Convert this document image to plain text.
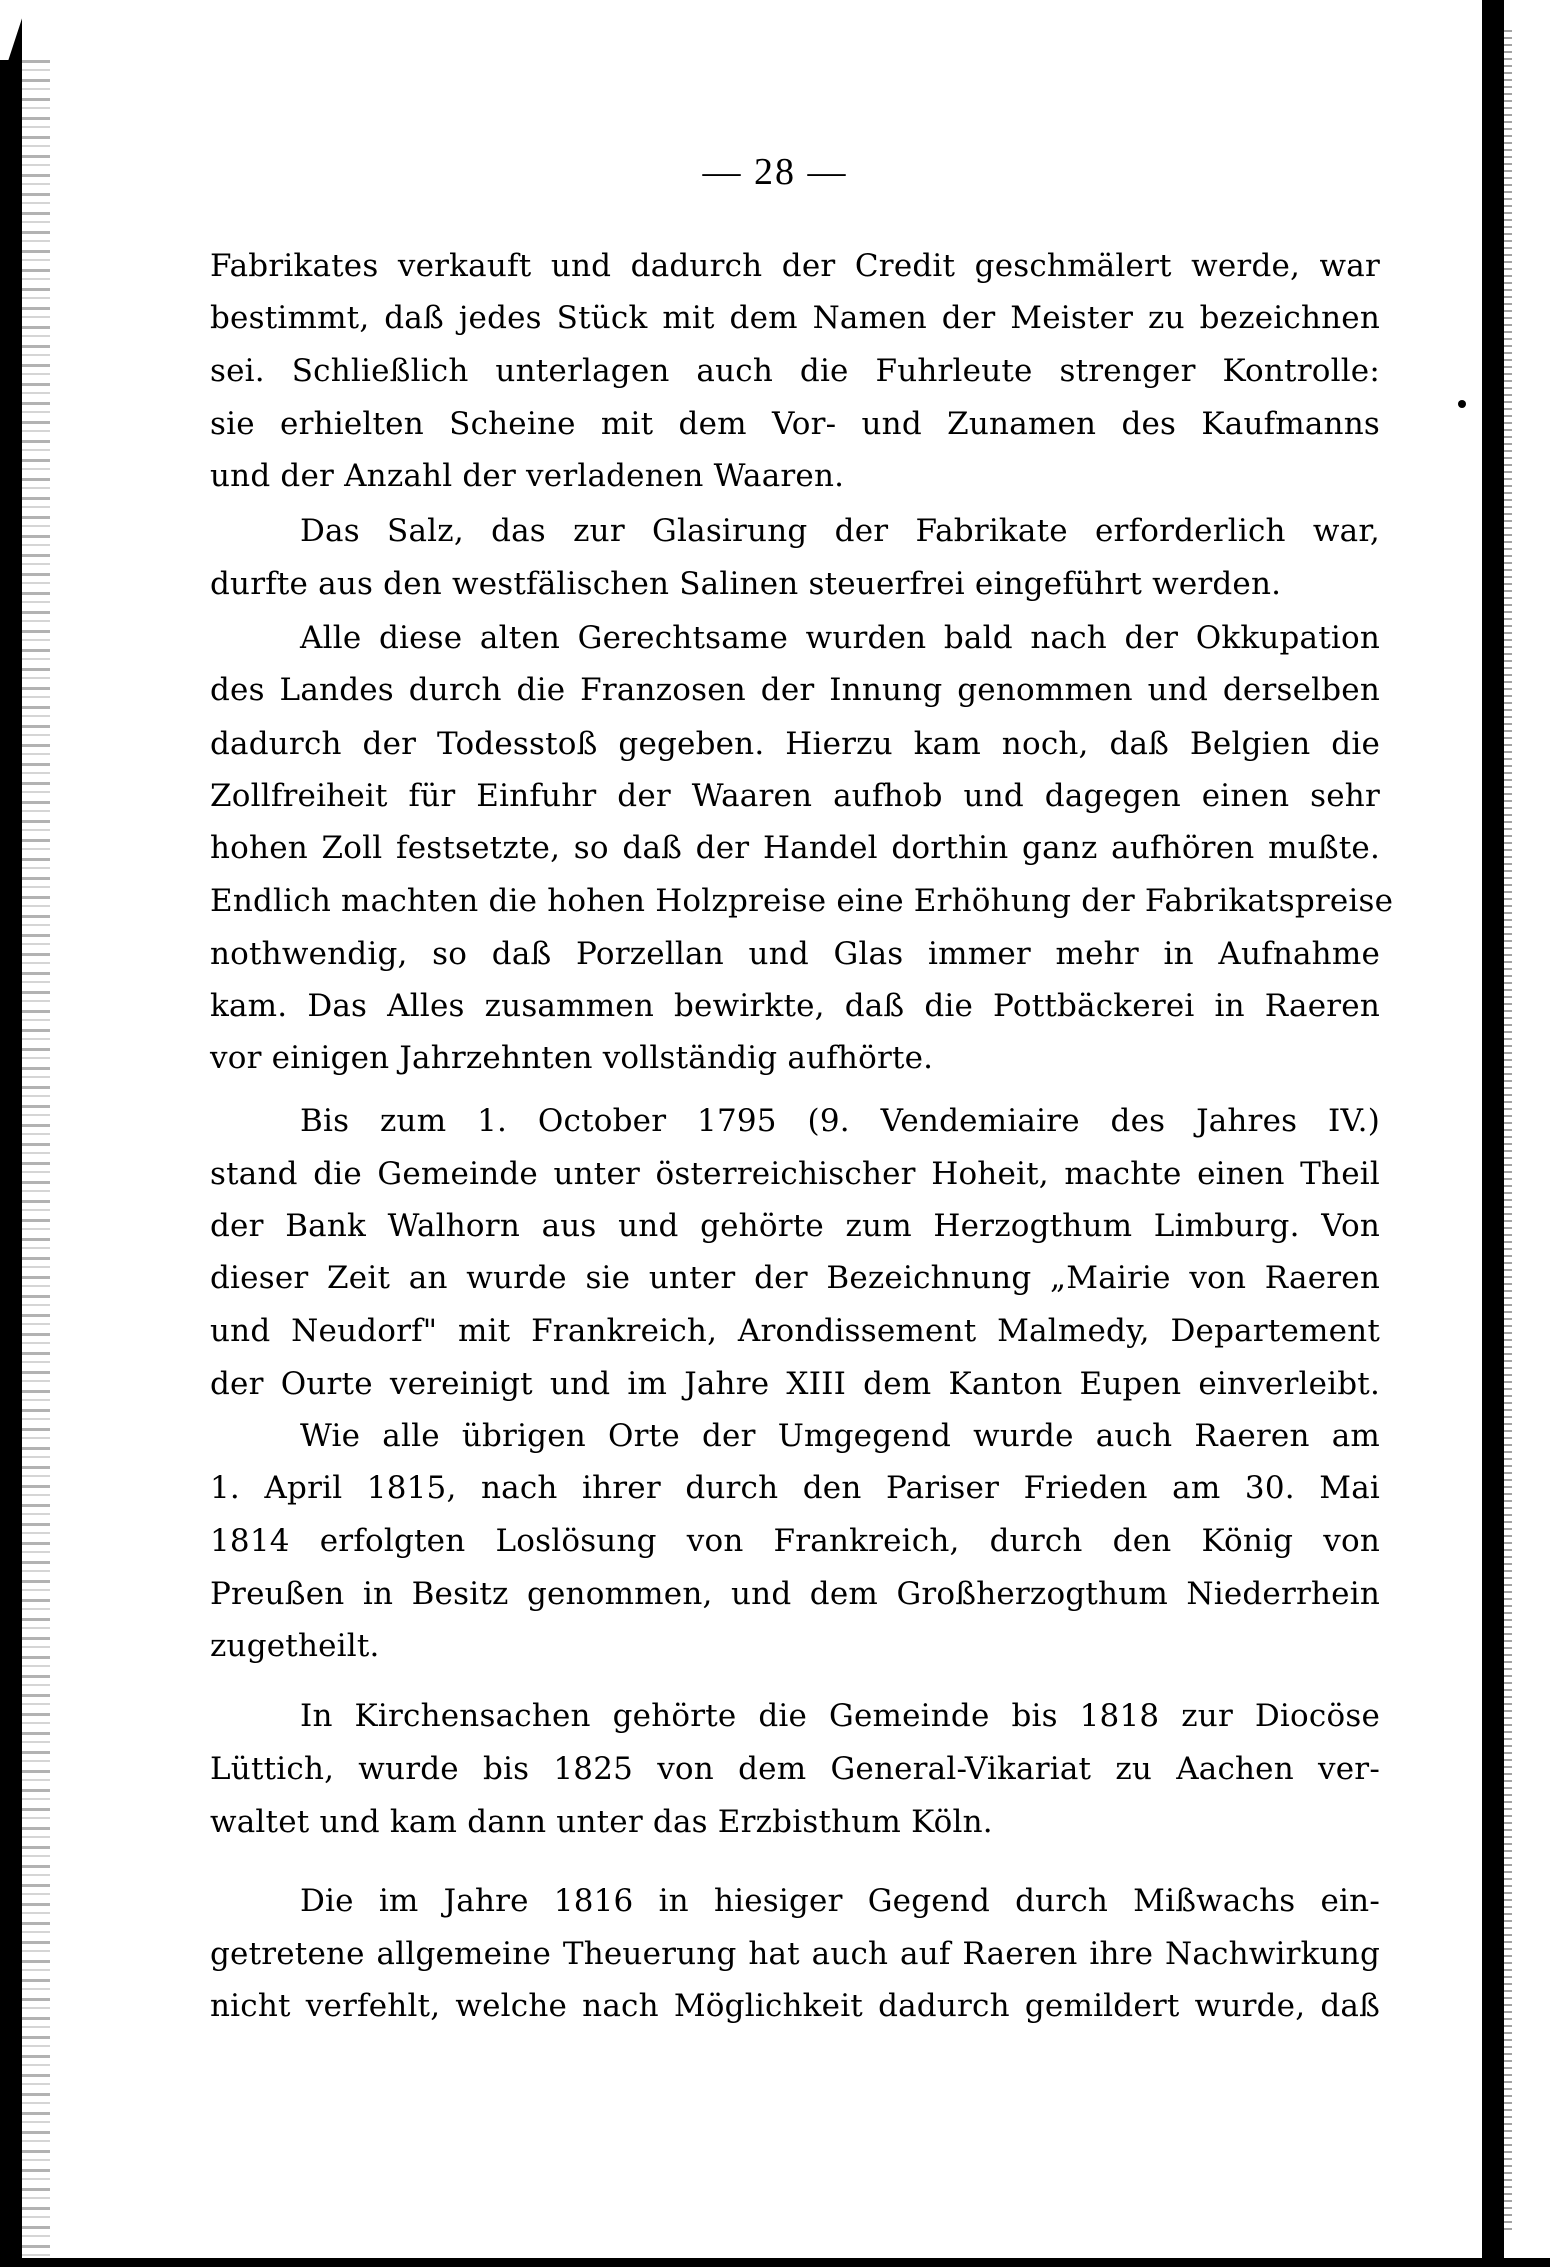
— 28 —
Fabrikates verkauft und dadurch der Credit geschmälert werde, war
bestimmt, daß jedes Stück mit dem Namen der Meister zu bezeichnen
sei. Schließlich unterlagen auch die Fuhrleute strenger Kontrolle:
sie erhielten Scheine mit dem Vor- und Zunamen des Kaufmanns
und der Anzahl der verladenen Waaren.
Das Salz, das zur Glasirung der Fabrikate erforderlich war,
durfte aus den westfälischen Salinen steuerfrei eingeführt werden.
Alle diese alten Gerechtsame wurden bald nach der Okkupation
des Landes durch die Franzosen der Innung genommen und derselben
dadurch der Todesstoß gegeben. Hierzu kam noch, daß Belgien die
Zollfreiheit für Einfuhr der Waaren aufhob und dagegen einen sehr
hohen Zoll festsetzte, so daß der Handel dorthin ganz aufhören mußte.
Endlich machten die hohen Holzpreise eine Erhöhung der Fabrikatspreise
nothwendig, so daß Porzellan und Glas immer mehr in Aufnahme
kam. Das Alles zusammen bewirkte, daß die Pottbäckerei in Raeren
vor einigen Jahrzehnten vollständig aufhörte.
Bis zum 1. October 1795 (9. Vendemiaire des Jahres IV.)
stand die Gemeinde unter österreichischer Hoheit, machte einen Theil
der Bank Walhorn aus und gehörte zum Herzogthum Limburg. Von
dieser Zeit an wurde sie unter der Bezeichnung „Mairie von Raeren
und Neudorf" mit Frankreich, Arondissement Malmedy, Departement
der Ourte vereinigt und im Jahre XIII dem Kanton Eupen einverleibt.
Wie alle übrigen Orte der Umgegend wurde auch Raeren am
1. April 1815, nach ihrer durch den Pariser Frieden am 30. Mai
1814 erfolgten Loslösung von Frankreich, durch den König von
Preußen in Besitz genommen, und dem Großherzogthum Niederrhein
zugetheilt.
In Kirchensachen gehörte die Gemeinde bis 1818 zur Diocöse
Lüttich, wurde bis 1825 von dem General-Vikariat zu Aachen ver-
waltet und kam dann unter das Erzbisthum Köln.
Die im Jahre 1816 in hiesiger Gegend durch Mißwachs ein-
getretene allgemeine Theuerung hat auch auf Raeren ihre Nachwirkung
nicht verfehlt, welche nach Möglichkeit dadurch gemildert wurde, daß
